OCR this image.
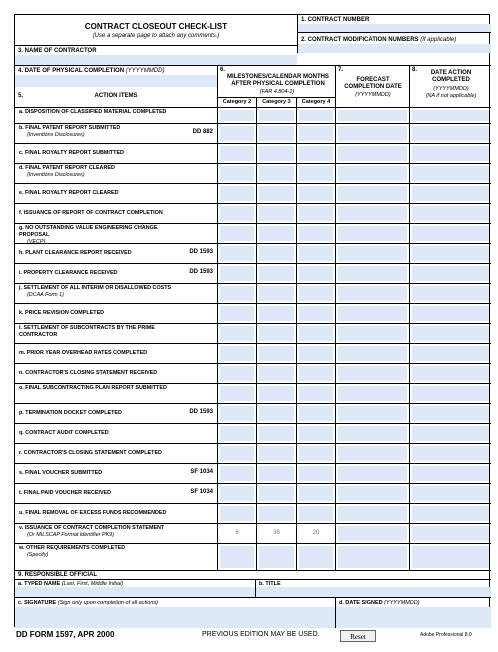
CONTRACT CLOSEOUT CHECK-LIST
(Use a separate page to attach any comments.)
1. CONTRACT NUMBER
2. CONTRACT MODIFICATION NUMBERS (If applicable)
3. NAME OF CONTRACTOR
4. DATE OF PHYSICAL COMPLETION (YYYYMMDD)
5.	ACTION ITEMS
6.
MILESTONES/CALENDAR MONTHS AFTER PHYSICAL COMPLETION
(FAR 4.804-1)
Category 2	Category 3	Category 4
7.
FORECAST COMPLETION DATE
(YYYYMMDD)
8.	DATE ACTION COMPLETED
(YYYYMMDD)
(NA if not applicable)
9. RESPONSIBLE OFFICIAL
a. TYPED NAME (Last, First, Middle Initial)	b. TITLE
c. SIGNATURE (Sign only upon completion of all actions)	d. DATE SIGNED (YYYYMMDD)
a. DISPOSITION OF CLASSIFIED MATERIAL COMPLETED
b. FINAL PATENT REPORT SUBMITTED
(Inventions Disclosures)	DD 882
c. FINAL ROYALTY REPORT SUBMITTED
d. FINAL PATENT REPORT CLEARED
(Inventions Disclosures)
e. FINAL ROYALTY REPORT CLEARED
f. ISSUANCE OF REPORT OF CONTRACT COMPLETION
g. NO OUTSTANDING VALUE ENGINEERING CHANGE PROPOSAL
(VECP)
h. PLANT CLEARANCE REPORT RECEIVED	DD 1593
i. PROPERTY CLEARANCE RECEIVED	DD 1593
j. SETTLEMENT OF ALL INTERIM OR DISALLOWED COSTS
(DCAA Form 1)
k. PRICE REVISION COMPLETED
l. SETTLEMENT OF SUBCONTRACTS BY THE PRIME CONTRACTOR
m. PRIOR YEAR OVERHEAD RATES COMPLETED
n. CONTRACTOR'S CLOSING STATEMENT RECEIVED
o. FINAL SUBCONTRACTING PLAN REPORT SUBMITTED
p. TERMINATION DOCKET COMPLETED	DD 1593
q. CONTRACT AUDIT COMPLETED
r. CONTRACTOR'S CLOSING STATEMENT COMPLETED
s. FINAL VOUCHER SUBMITTED	SF 1034
t. FINAL PAID VOUCHER RECEIVED	SF 1034
u. FINAL REMOVAL OF EXCESS FUNDS RECOMMENDED
v. ISSUANCE OF CONTRACT COMPLETION STATEMENT
(Or MILSCAP Format Identifier PK9)	6	36	20
w. OTHER REQUIREMENTS COMPLETED
(Specify)
DD FORM 1597, APR 2000	PREVIOUS EDITION MAY BE USED.	Reset	Adobe Professional 8.0
